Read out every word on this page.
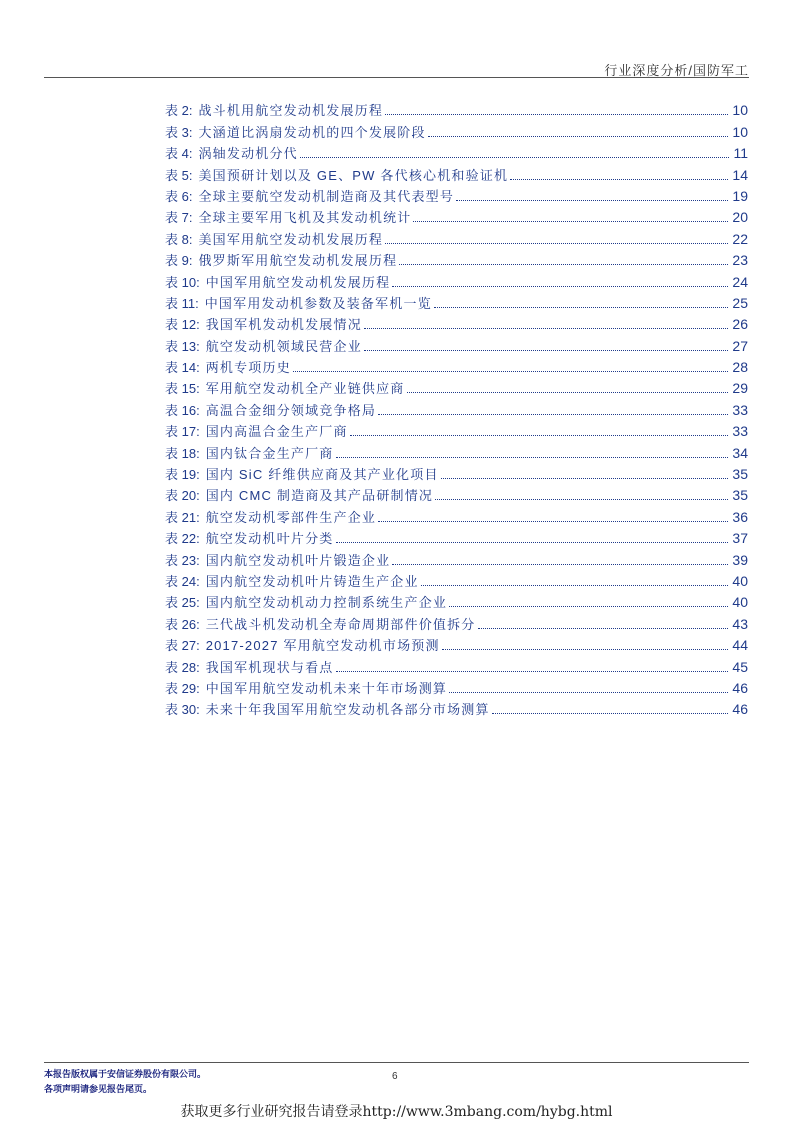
行业深度分析/国防军工
表 2: 战斗机用航空发动机发展历程	10
表 3: 大涵道比涡扇发动机的四个发展阶段	10
表 4: 涡轴发动机分代	11
表 5: 美国预研计划以及 GE、PW 各代核心机和验证机	14
表 6: 全球主要航空发动机制造商及其代表型号	19
表 7: 全球主要军用飞机及其发动机统计	20
表 8: 美国军用航空发动机发展历程	22
表 9: 俄罗斯军用航空发动机发展历程	23
表 10: 中国军用航空发动机发展历程	24
表 11: 中国军用发动机参数及装备军机一览	25
表 12: 我国军机发动机发展情况	26
表 13: 航空发动机领域民营企业	27
表 14: 两机专项历史	28
表 15: 军用航空发动机全产业链供应商	29
表 16: 高温合金细分领域竞争格局	33
表 17: 国内高温合金生产厂商	33
表 18: 国内钛合金生产厂商	34
表 19: 国内 SiC 纤维供应商及其产业化项目	35
表 20: 国内 CMC 制造商及其产品研制情况	35
表 21: 航空发动机零部件生产企业	36
表 22: 航空发动机叶片分类	37
表 23: 国内航空发动机叶片锻造企业	39
表 24: 国内航空发动机叶片铸造生产企业	40
表 25: 国内航空发动机动力控制系统生产企业	40
表 26: 三代战斗机发动机全寿命周期部件价值拆分	43
表 27: 2017-2027 军用航空发动机市场预测	44
表 28: 我国军机现状与看点	45
表 29: 中国军用航空发动机未来十年市场测算	46
表 30: 未来十年我国军用航空发动机各部分市场测算	46
本报告版权属于安信证券股份有限公司。
各项声明请参见报告尾页。
6
获取更多行业研究报告请登录http://www.3mbang.com/hybg.html
